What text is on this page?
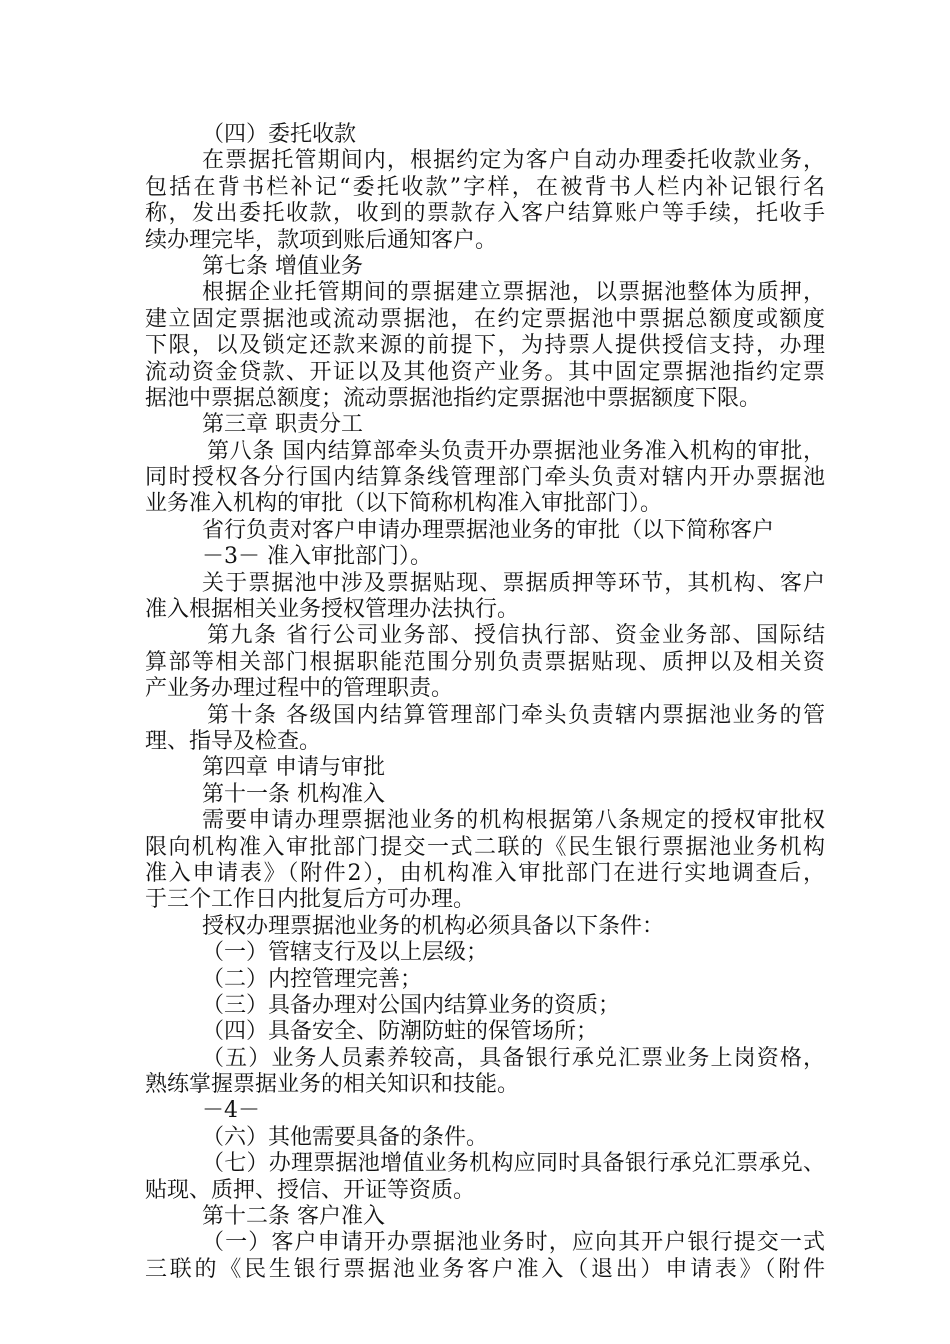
（四）委托收款
在票据托管期间内，根据约定为客户自动办理委托收款业务，
包括在背书栏补记“委托收款”字样，在被背书人栏内补记银行名
称，发出委托收款，收到的票款存入客户结算账户等手续，托收手
续办理完毕，款项到账后通知客户。
第七条 增值业务
根据企业托管期间的票据建立票据池，以票据池整体为质押，
建立固定票据池或流动票据池，在约定票据池中票据总额度或额度
下限，以及锁定还款来源的前提下，为持票人提供授信支持，办理
流动资金贷款、开证以及其他资产业务。其中固定票据池指约定票
据池中票据总额度；流动票据池指约定票据池中票据额度下限。
第三章 职责分工
第八条 国内结算部牵头负责开办票据池业务准入机构的审批，
同时授权各分行国内结算条线管理部门牵头负责对辖内开办票据池
业务准入机构的审批（以下简称机构准入审批部门）。
省行负责对客户申请办理票据池业务的审批（以下简称客户
－3－ 准入审批部门）。
关于票据池中涉及票据贴现、票据质押等环节，其机构、客户
准入根据相关业务授权管理办法执行。
第九条 省行公司业务部、授信执行部、资金业务部、国际结
算部等相关部门根据职能范围分别负责票据贴现、质押以及相关资
产业务办理过程中的管理职责。
第十条 各级国内结算管理部门牵头负责辖内票据池业务的管
理、指导及检查。
第四章 申请与审批
第十一条 机构准入
需要申请办理票据池业务的机构根据第八条规定的授权审批权
限向机构准入审批部门提交一式二联的《民生银行票据池业务机构
准入申请表》（附件2），由机构准入审批部门在进行实地调查后，
于三个工作日内批复后方可办理。
授权办理票据池业务的机构必须具备以下条件：
（一）管辖支行及以上层级；
（二）内控管理完善；
（三）具备办理对公国内结算业务的资质；
（四）具备安全、防潮防蛀的保管场所；
（五）业务人员素养较高，具备银行承兑汇票业务上岗资格，
熟练掌握票据业务的相关知识和技能。
－4－
（六）其他需要具备的条件。
（七）办理票据池增值业务机构应同时具备银行承兑汇票承兑、
贴现、质押、授信、开证等资质。
第十二条 客户准入
（一）客户申请开办票据池业务时，应向其开户银行提交一式
三联的《民生银行票据池业务客户准入（退出）申请表》（附件
